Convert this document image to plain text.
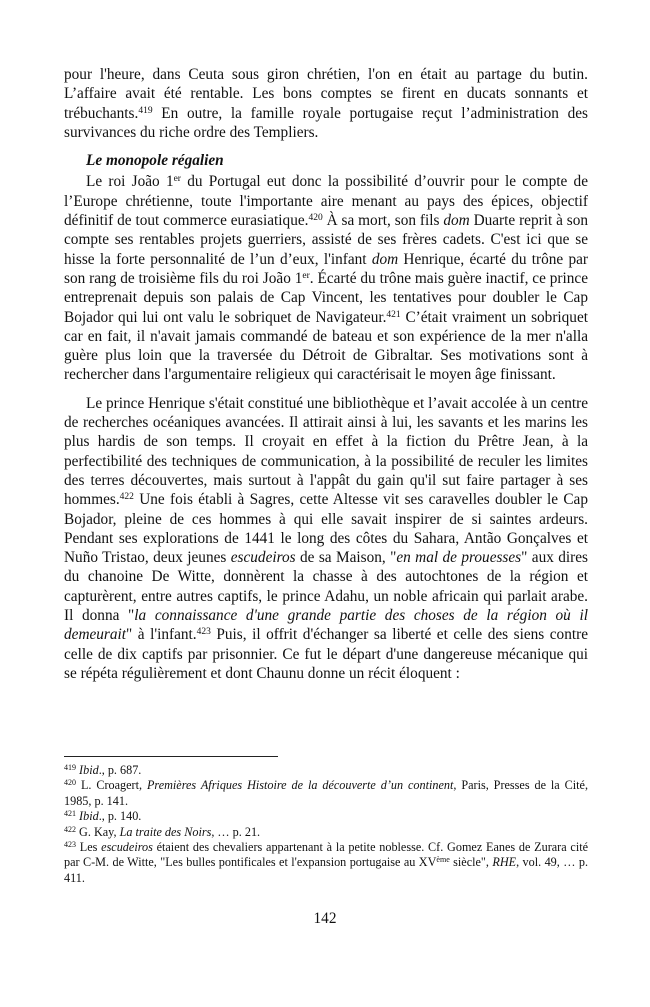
pour l'heure, dans Ceuta sous giron chrétien, l'on en était au partage du butin. L’affaire avait été rentable. Les bons comptes se firent en ducats sonnants et trébuchants.$^{419}$ En outre, la famille royale portugaise reçut l’administration des survivances du riche ordre des Templiers.

Le monopole régalien

Le roi João 1er du Portugal eut donc la possibilité d’ouvrir pour le compte de l’Europe chrétienne, toute l'importante aire menant au pays des épices, objectif définitif de tout commerce eurasiatique.$^{420}$ À sa mort, son fils dom Duarte reprit à son compte ses rentables projets guerriers, assisté de ses frères cadets. C'est ici que se hisse la forte personnalité de l’un d’eux, l'infant dom Henrique, écarté du trône par son rang de troisième fils du roi João 1er. Écarté du trône mais guère inactif, ce prince entreprenait depuis son palais de Cap Vincent, les tentatives pour doubler le Cap Bojador qui lui ont valu le sobriquet de Navigateur.$^{421}$ C’était vraiment un sobriquet car en fait, il n'avait jamais commandé de bateau et son expérience de la mer n'alla guère plus loin que la traversée du Détroit de Gibraltar. Ses motivations sont à rechercher dans l'argumentaire religieux qui caractérisait le moyen âge finissant.

Le prince Henrique s'était constitué une bibliothèque et l’avait accolée à un centre de recherches océaniques avancées. Il attirait ainsi à lui, les savants et les marins les plus hardis de son temps. Il croyait en effet à la fiction du Prêtre Jean, à la perfectibilité des techniques de communication, à la possibilité de reculer les limites des terres découvertes, mais surtout à l'appât du gain qu'il sut faire partager à ses hommes.$^{422}$ Une fois établi à Sagres, cette Altesse vit ses caravelles doubler le Cap Bojador, pleine de ces hommes à qui elle savait inspirer de si saintes ardeurs. Pendant ses explorations de 1441 le long des côtes du Sahara, Antão Gonçalves et Nuño Tristao, deux jeunes escudeiros de sa Maison, "en mal de prouesses" aux dires du chanoine De Witte, donnèrent la chasse à des autochtones de la région et capturèrent, entre autres captifs, le prince Adahu, un noble africain qui parlait arabe. Il donna "la connaissance d'une grande partie des choses de la région où il demeurait" à l'infant.$^{423}$ Puis, il offrit d'échanger sa liberté et celle des siens contre celle de dix captifs par prisonnier. Ce fut le départ d'une dangereuse mécanique qui se répéta régulièrement et dont Chaunu donne un récit éloquent :

$^{419}$ Ibid., p. 687.

$^{420}$ L. Croagert, Premières Afriques Histoire de la découverte d’un continent, Paris, Presses de la Cité, 1985, p. 141.

$^{421}$ Ibid., p. 140.

$^{422}$ G. Kay, La traite des Noirs, … p. 21.

$^{423}$ Les escudeiros étaient des chevaliers appartenant à la petite noblesse. Cf. Gomez Eanes de Zurara cité par C-M. de Witte, "Les bulles pontificales et l'expansion portugaise au XVème siècle", RHE, vol. 49, … p. 411.

142
